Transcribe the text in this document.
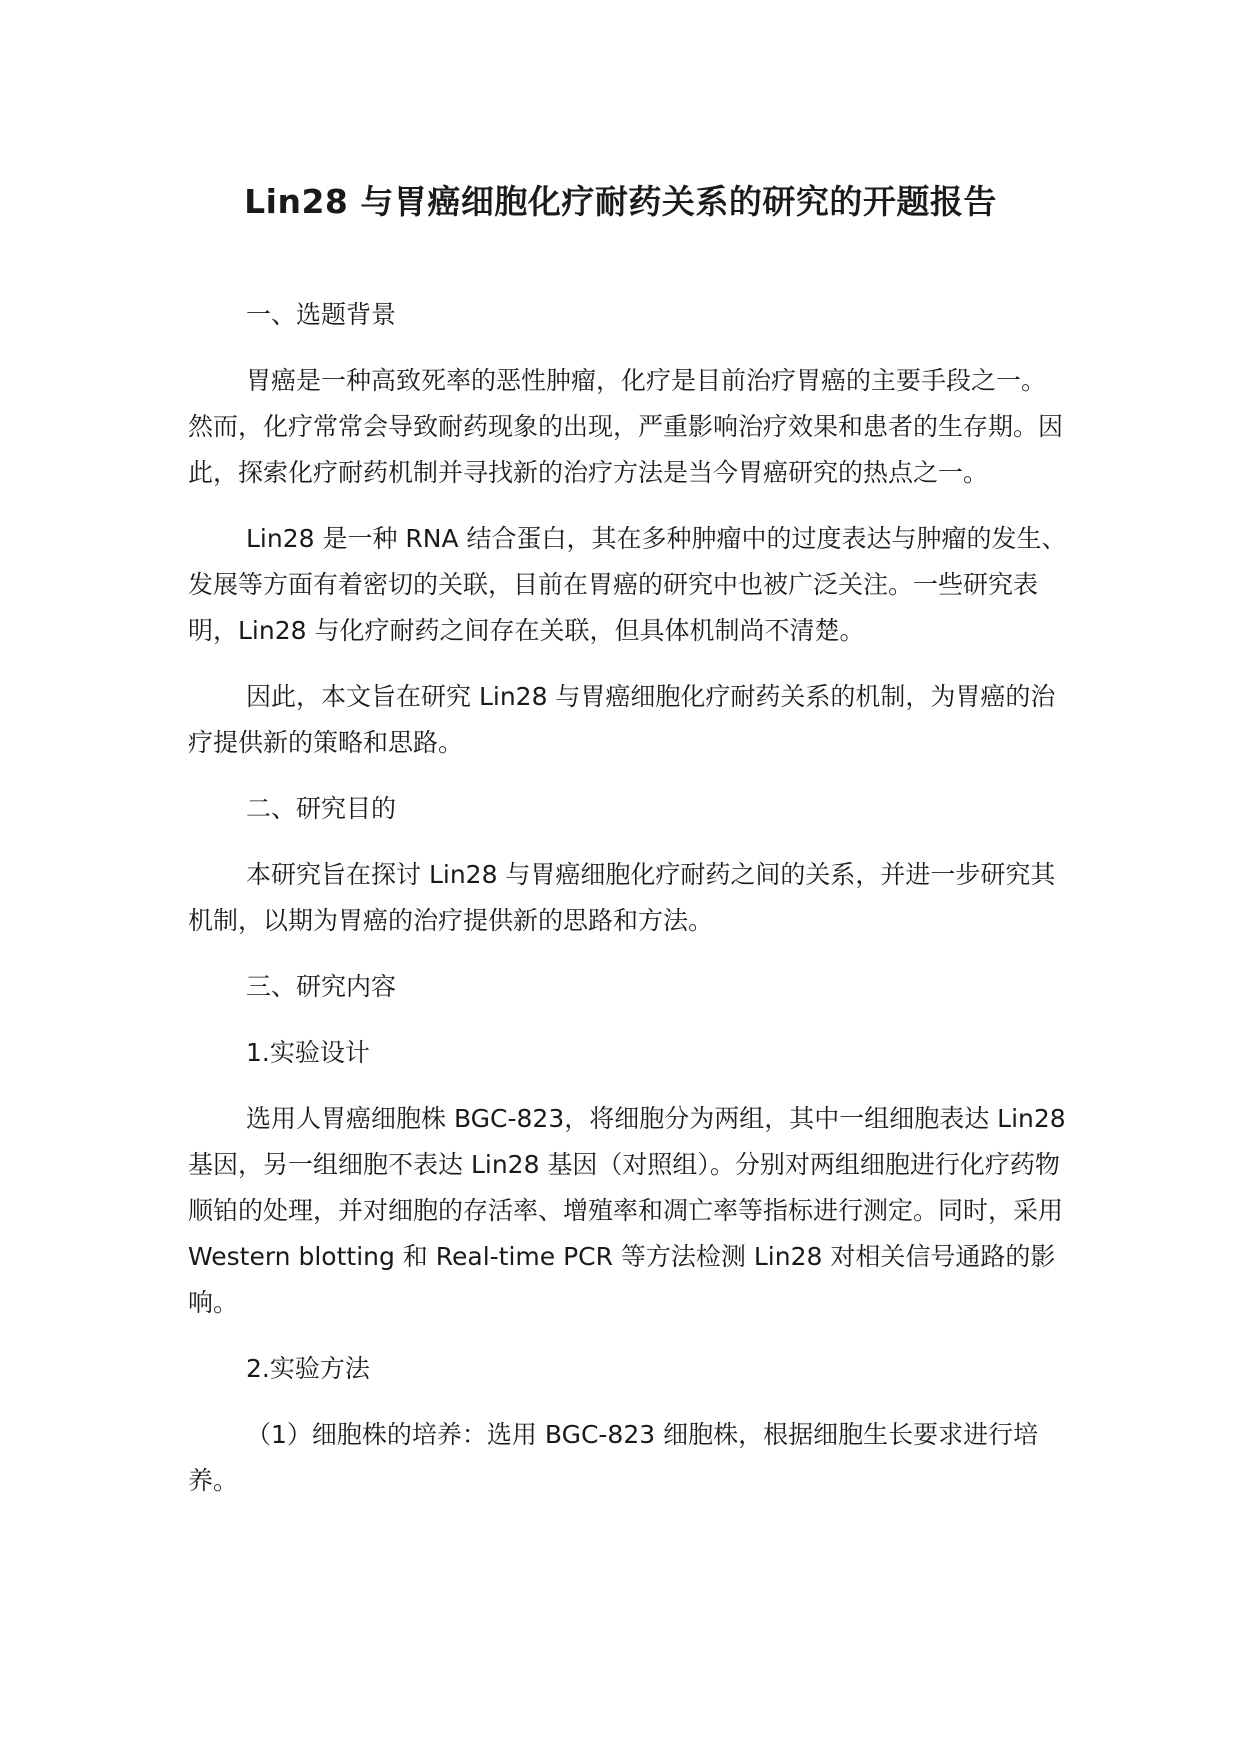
Lin28 与胃癌细胞化疗耐药关系的研究的开题报告

一、选题背景

胃癌是一种高致死率的恶性肿瘤，化疗是目前治疗胃癌的主要手段之一。然而，化疗常常会导致耐药现象的出现，严重影响治疗效果和患者的生存期。因此，探索化疗耐药机制并寻找新的治疗方法是当今胃癌研究的热点之一。

Lin28 是一种 RNA 结合蛋白，其在多种肿瘤中的过度表达与肿瘤的发生、发展等方面有着密切的关联，目前在胃癌的研究中也被广泛关注。一些研究表明，Lin28 与化疗耐药之间存在关联，但具体机制尚不清楚。

因此，本文旨在研究 Lin28 与胃癌细胞化疗耐药关系的机制，为胃癌的治疗提供新的策略和思路。

二、研究目的

本研究旨在探讨 Lin28 与胃癌细胞化疗耐药之间的关系，并进一步研究其机制，以期为胃癌的治疗提供新的思路和方法。

三、研究内容

1.实验设计

选用人胃癌细胞株 BGC-823，将细胞分为两组，其中一组细胞表达 Lin28 基因，另一组细胞不表达 Lin28 基因（对照组）。分别对两组细胞进行化疗药物顺铂的处理，并对细胞的存活率、增殖率和凋亡率等指标进行测定。同时，采用 Western blotting 和 Real-time PCR 等方法检测 Lin28 对相关信号通路的影响。

2.实验方法

（1）细胞株的培养：选用 BGC-823 细胞株，根据细胞生长要求进行培养。
